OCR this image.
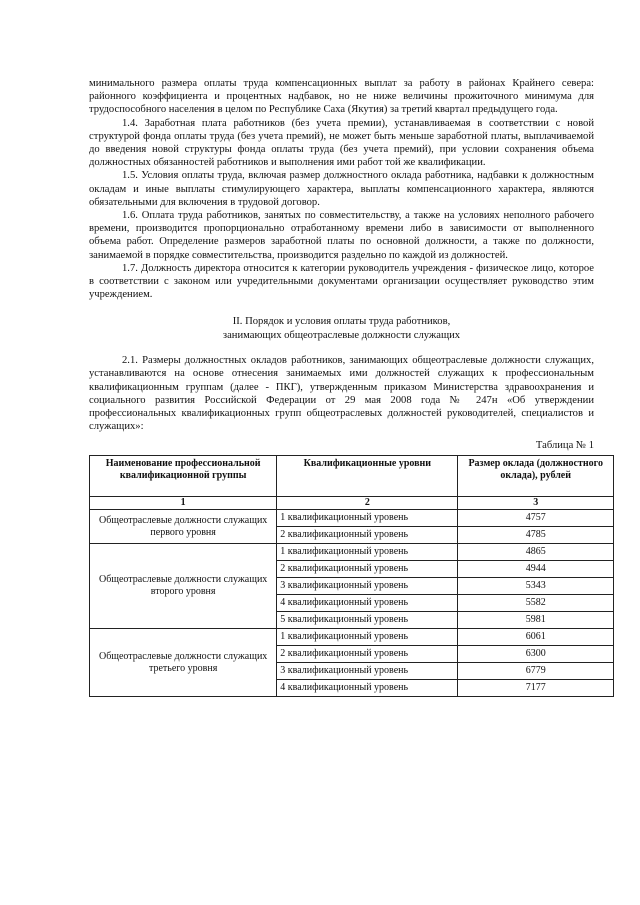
минимального размера оплаты труда компенсационных выплат за работу в районах Крайнего севера: районного коэффициента и процентных надбавок, но не ниже величины прожиточного минимума для трудоспособного населения в целом по Республике Саха (Якутия) за третий квартал предыдущего года.

1.4. Заработная плата работников (без учета премии), устанавливаемая в соответствии с новой структурой фонда оплаты труда (без учета премий), не может быть меньше заработной платы, выплачиваемой до введения новой структуры фонда оплаты труда (без учета премий), при условии сохранения объема должностных обязанностей работников и выполнения ими работ той же квалификации.

1.5. Условия оплаты труда, включая размер должностного оклада работника, надбавки к должностным окладам и иные выплаты стимулирующего характера, выплаты компенсационного характера, являются обязательными для включения в трудовой договор.

1.6. Оплата труда работников, занятых по совместительству, а также на условиях неполного рабочего времени, производится пропорционально отработанному времени либо в зависимости от выполненного объема работ. Определение размеров заработной платы по основной должности, а также по должности, занимаемой в порядке совместительства, производится раздельно по каждой из должностей.

1.7. Должность директора относится к категории руководитель учреждения - физическое лицо, которое в соответствии с законом или учредительными документами организации осуществляет руководство этим учреждением.

II. Порядок и условия оплаты труда работников,
занимающих общеотраслевые должности служащих

2.1. Размеры должностных окладов работников, занимающих общеотраслевые должности служащих, устанавливаются на основе отнесения занимаемых ими должностей служащих к профессиональным квалификационным группам (далее - ПКГ), утвержденным приказом Министерства здравоохранения и социального развития Российской Федерации от 29 мая 2008 года № 247н «Об утверждении профессиональных квалификационных групп общеотраслевых должностей руководителей, специалистов и служащих»:

Таблица № 1
Наименование профессиональной квалификационной группы	Квалификационные уровни	Размер оклада (должностного оклада), рублей
1	2	3
Общеотраслевые должности служащих первого уровня	1 квалификационный уровень	4757
	2 квалификационный уровень	4785
Общеотраслевые должности служащих второго уровня	1 квалификационный уровень	4865
	2 квалификационный уровень	4944
	3 квалификационный уровень	5343
	4 квалификационный уровень	5582
	5 квалификационный уровень	5981
Общеотраслевые должности служащих третьего уровня	1 квалификационный уровень	6061
	2 квалификационный уровень	6300
	3 квалификационный уровень	6779
	4 квалификационный уровень	7177
